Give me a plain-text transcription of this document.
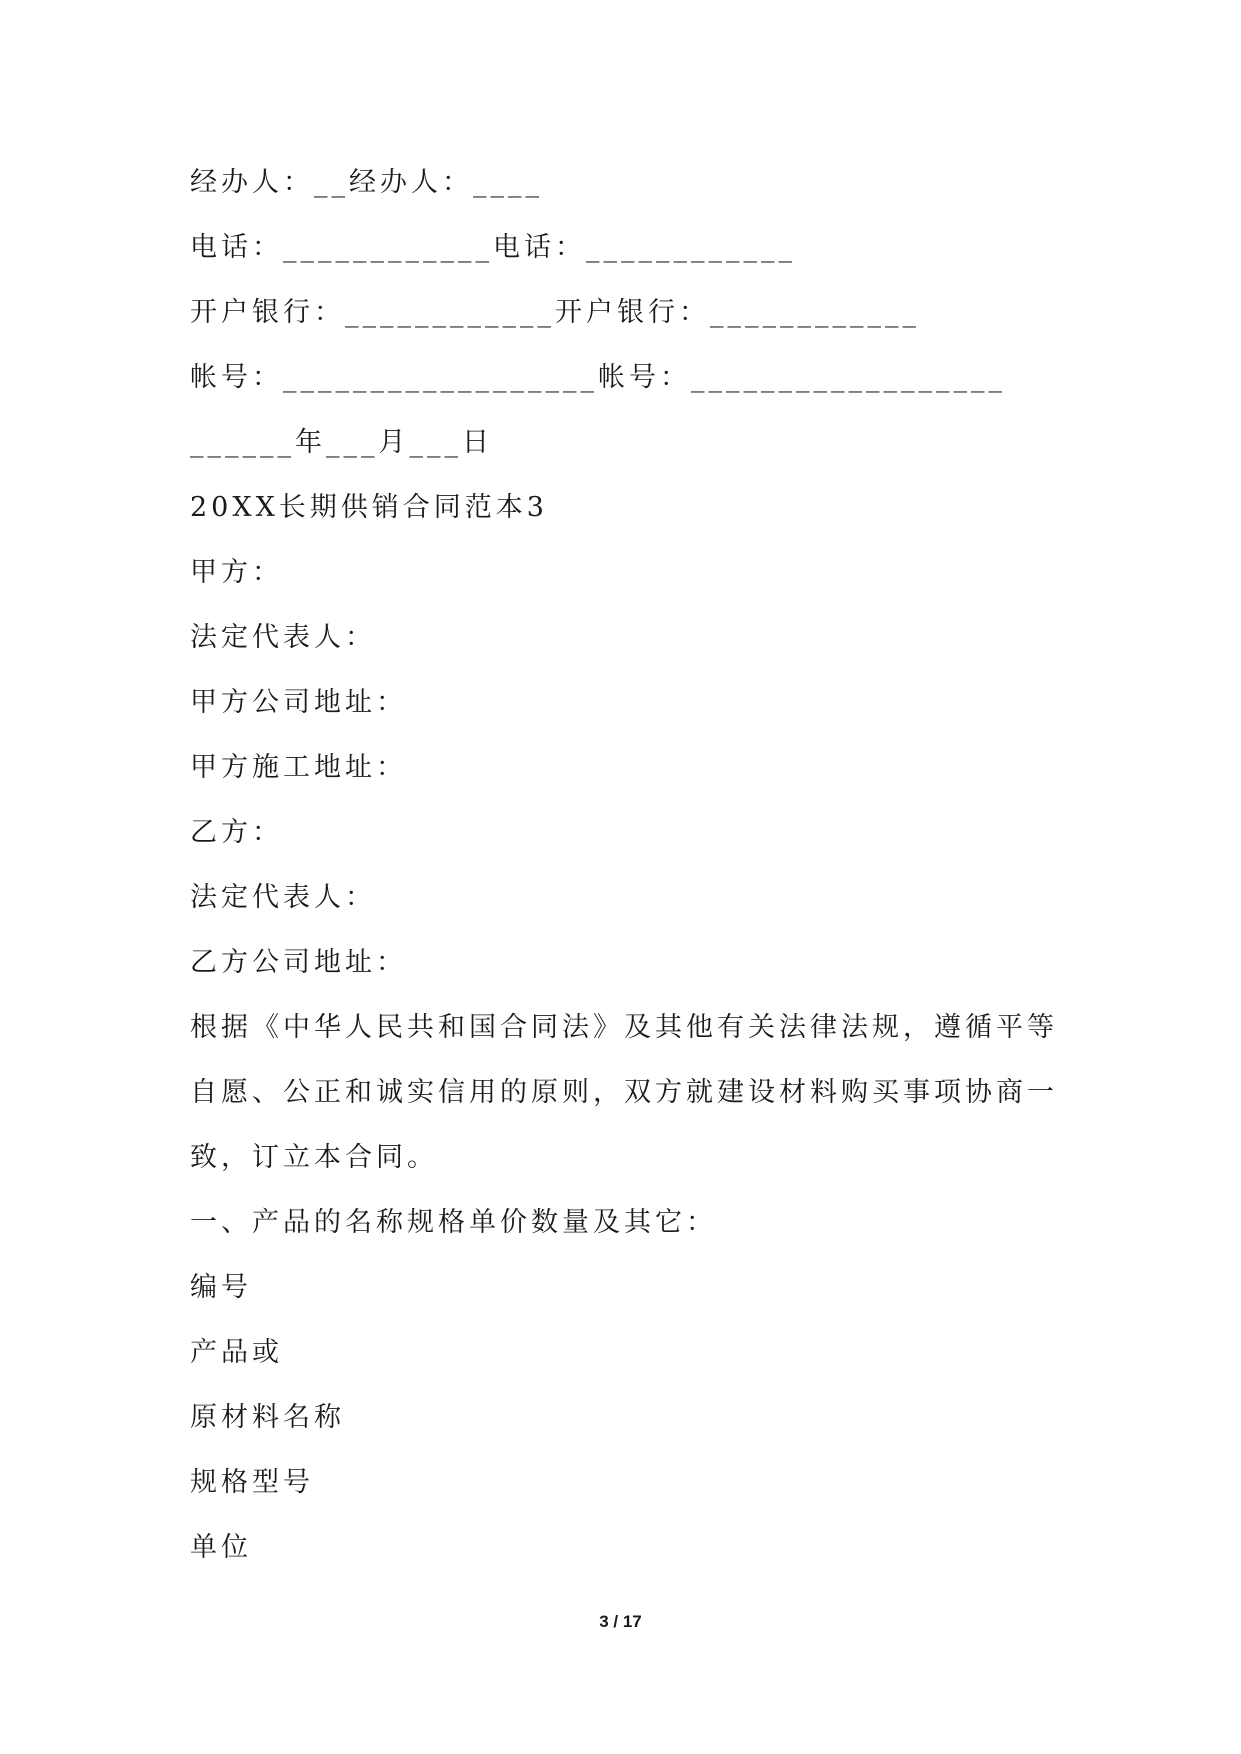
经办人：__经办人：____
电话：____________电话：____________
开户银行：____________开户银行：____________
帐号：__________________帐号：__________________
______年___月___日
20XX长期供销合同范本3
甲方：
法定代表人：
甲方公司地址：
甲方施工地址：
乙方：
法定代表人：
乙方公司地址：
根据《中华人民共和国合同法》及其他有关法律法规，遵循平等
自愿、公正和诚实信用的原则，双方就建设材料购买事项协商一
致，订立本合同。
一、产品的名称规格单价数量及其它：
编号
产品或
原材料名称
规格型号
单位
3 / 17
